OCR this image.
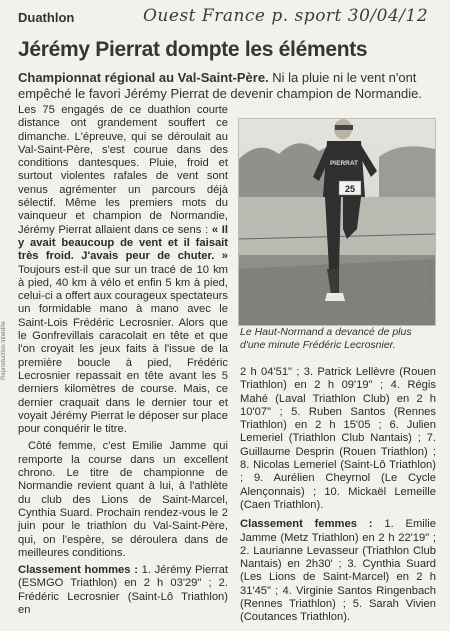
Duathlon	Ouest France p. sport 30/04/12
Jérémy Pierrat dompte les éléments
Championnat régional au Val-Saint-Père. Ni la pluie ni le vent n'ont empêché le favori Jérémy Pierrat de devenir champion de Normandie.

Les 75 engagés de ce duathlon courte distance ont grandement souffert ce dimanche. L'épreuve, qui se déroulait au Val-Saint-Père, s'est courue dans des conditions dantesques. Pluie, froid et surtout violentes rafales de vent sont venus agrémenter un parcours déjà sélectif. Même les premiers mots du vainqueur et champion de Normandie, Jérémy Pierrat allaient dans ce sens : « Il y avait beaucoup de vent et il faisait très froid. J'avais peur de chuter. » Toujours est-il que sur un tracé de 10 km à pied, 40 km à vélo et enfin 5 km à pied, celui-ci a offert aux courageux spectateurs un formidable mano à mano avec le Saint-Lois Frédéric Lecrosnier. Alors que le Gonfrevillais caracolait en tête et que l'on croyait les jeux faits à l'issue de la première boucle à pied, Frédéric Lecrosnier repassait en tête avant les 5 derniers kilomètres de course. Mais, ce dernier craquait dans le dernier tour et voyait Jérémy Pierrat le déposer sur place pour conquérir le titre.

Côté femme, c'est Emilie Jamme qui remporte la course dans un excellent chrono. Le titre de championne de Normandie revient quant à lui, à l'athlète du club des Lions de Saint-Marcel, Cynthia Suard. Prochain rendez-vous le 2 juin pour le triathlon du Val-Saint-Père, qui, on l'espère, se déroulera dans de meilleures conditions.

Classement hommes : 1. Jérémy Pierrat (ESMGO Triathlon) en 2 h 03'29" ; 2. Frédéric Lecrosnier (Saint-Lô Triathlon) en

25
PIERRAT
Frédéric Hatte
Le Haut-Normand a devancé de plus d'une minute Frédéric Lecrosnier.

2 h 04'51" ; 3. Patrick Lellèvre (Rouen Triathlon) en 2 h 09'19" ; 4. Régis Mahé (Laval Triathlon Club) en 2 h 10'07" ; 5. Ruben Santos (Rennes Triathlon) en 2 h 15'05 ; 6. Julien Lemeriel (Triathlon Club Nantais) ; 7. Guillaume Desprin (Rouen Triathlon) ; 8. Nicolas Lemeriel (Saint-Lô Triathlon) ; 9. Aurélien Cheyrnol (Le Cycle Alençonnais) ; 10. Mickaël Lemeille (Caen Triathlon).

Classement femmes : 1. Emilie Jamme (Metz Triathlon) en 2 h 22'19" ; 2. Laurianne Levasseur (Triathlon Club Nantais) en 2h30' ; 3. Cynthia Suard (Les Lions de Saint-Marcel) en 2 h 31'45" ; 4. Virginie Santos Ringenbach (Rennes Triathlon) ; 5. Sarah Vivien (Coutances Triathlon).

Reproduction interdite
